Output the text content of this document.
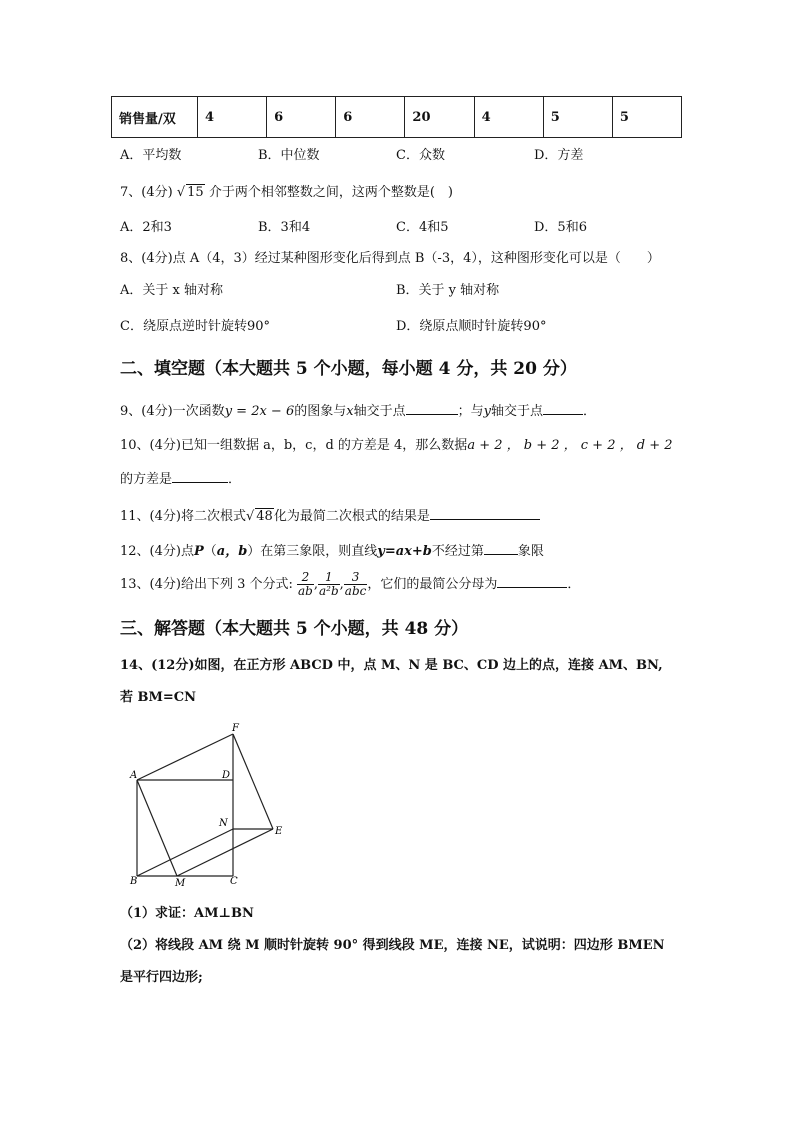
销售量/双	4	6	6	20	4	5	5
A．平均数	B．中位数	C．众数	D．方差
7、(4分) √ 15 介于两个相邻整数之间，这两个整数是(　)
A．2和3	B．3和4	C．4和5	D．5和6
8、(4分)点 A（4，3）经过某种图形变化后得到点 B（-3，4），这种图形变化可以是（　　）
A．关于 x 轴对称	B．关于 y 轴对称
C．绕原点逆时针旋转90°	D．绕原点顺时针旋转90°
二、填空题（本大题共 5 个小题，每小题 4 分，共 20 分）
9、(4分)一次函数y = 2x − 6的图象与x轴交于点	；与y轴交于点	．
10、(4分)已知一组数据 a，b，c，d 的方差是 4，那么数据a + 2 ， b + 2 ， c + 2 ， d + 2
的方差是	．
11、(4分)将二次根式√ 48化为最简二次根式的结果是
12、(4分)点P（a，b）在第三象限，则直线y=ax+b不经过第	象限
13、(4分)给出下列 3 个分式: $\frac{2}{ab}$ , $\frac{1}{\text{a²b}}$ , $\frac{3}{\text{abc}}$ ，它们的最简公分母为	．
三、解答题（本大题共 5 个小题，共 48 分）
14、(12分)如图，在正方形 ABCD 中，点 M、N 是 BC、CD 边上的点，连接 AM、BN,
若 BM=CN
F
A	D
N
E
B	M	C
（1）求证：AM⊥BN
（2）将线段 AM 绕 M 顺时针旋转 90° 得到线段 ME，连接 NE，试说明：四边形 BMEN
是平行四边形;
